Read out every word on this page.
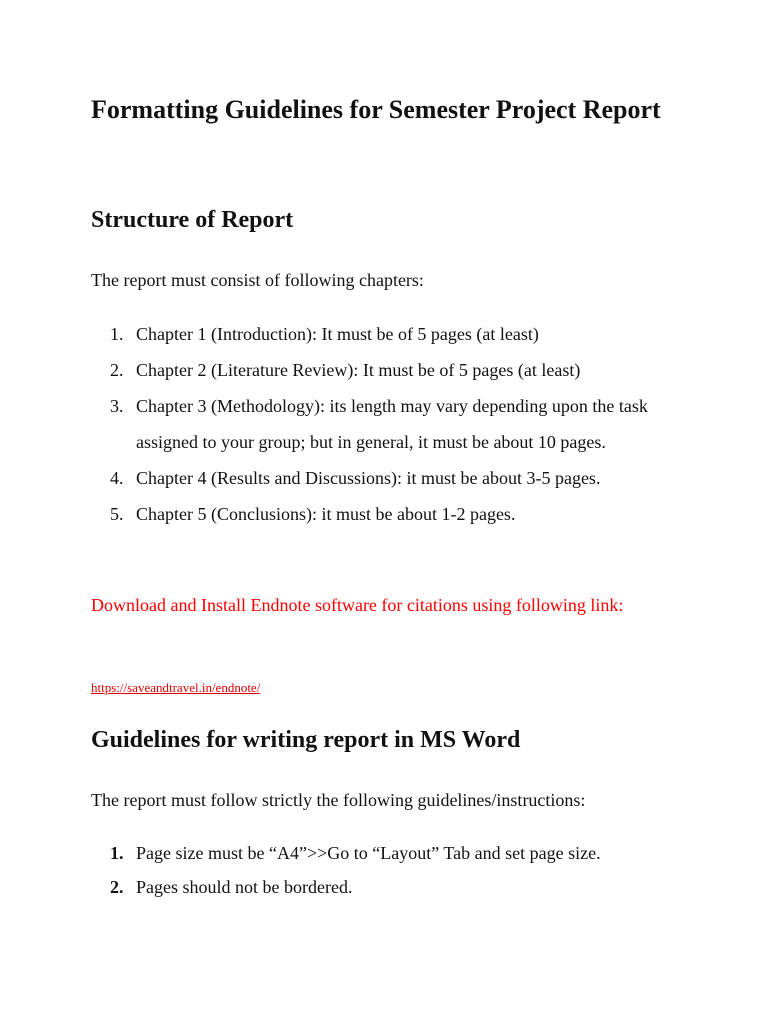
Formatting Guidelines for Semester Project Report
Structure of Report

The report must consist of following chapters:

1. Chapter 1 (Introduction): It must be of 5 pages (at least)
2. Chapter 2 (Literature Review): It must be of 5 pages (at least)
3. Chapter 3 (Methodology): its length may vary depending upon the task assigned to your group; but in general, it must be about 10 pages.
4. Chapter 4 (Results and Discussions): it must be about 3-5 pages.
5. Chapter 5 (Conclusions): it must be about 1-2 pages.

Download and Install Endnote software for citations using following link:

https://saveandtravel.in/endnote/
Guidelines for writing report in MS Word

The report must follow strictly the following guidelines/instructions:

1. Page size must be “A4”>>Go to “Layout” Tab and set page size.
2. Pages should not be bordered.
